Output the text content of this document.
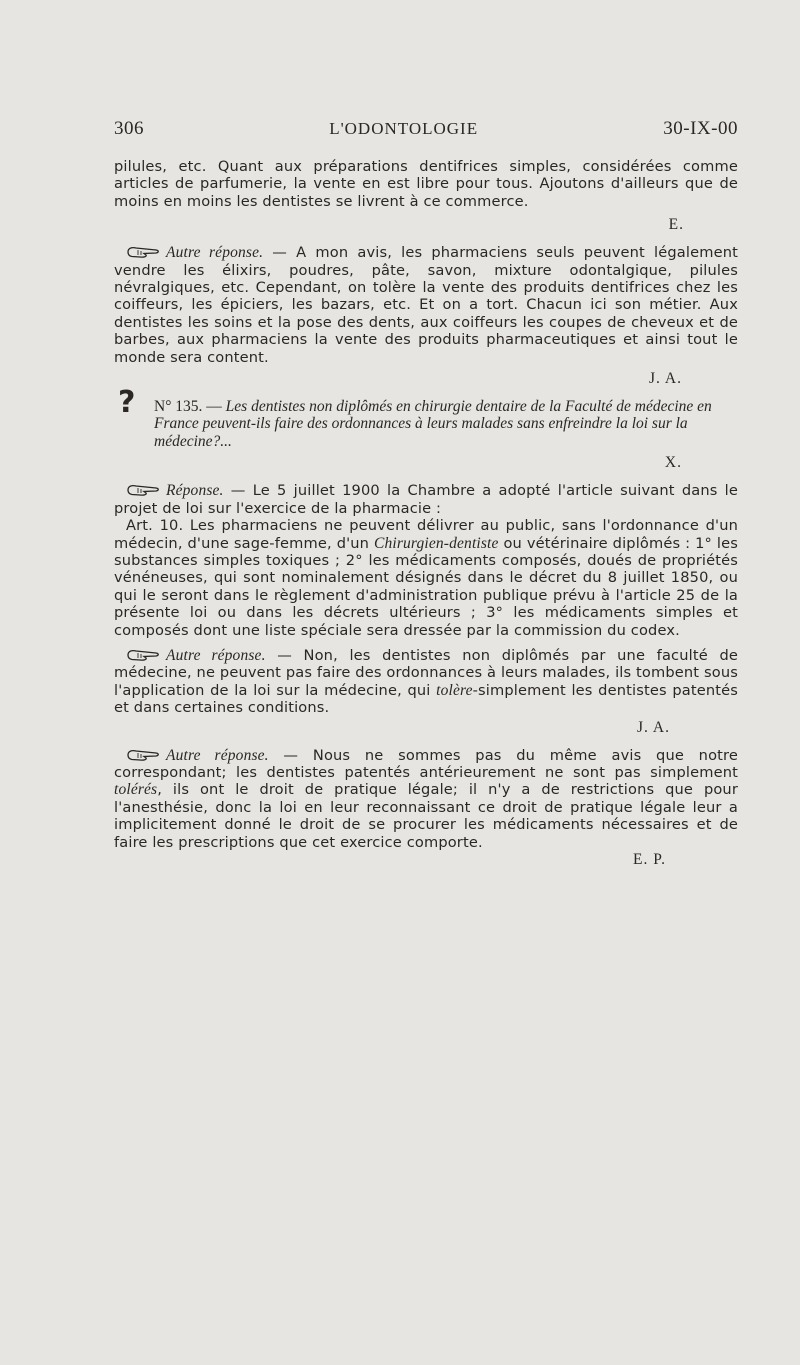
306	L'ODONTOLOGIE	30-IX-00

pilules, etc. Quant aux préparations dentifrices simples, considérées comme articles de parfumerie, la vente en est libre pour tous. Ajoutons d'ailleurs que de moins en moins les dentistes se livrent à ce commerce.

E.

Autre réponse. — A mon avis, les pharmaciens seuls peuvent légalement vendre les élixirs, poudres, pâte, savon, mixture odontalgique, pilules névralgiques, etc. Cependant, on tolère la vente des produits dentifrices chez les coiffeurs, les épiciers, les bazars, etc. Et on a tort. Chacun ici son métier. Aux dentistes les soins et la pose des dents, aux coiffeurs les coupes de cheveux et de barbes, aux pharmaciens la vente des produits pharmaceutiques et ainsi tout le monde sera content.

J. A.
? N° 135. — Les dentistes non diplômés en chirurgie dentaire de la Faculté de médecine en France peuvent-ils faire des ordonnances à leurs malades sans enfreindre la loi sur la médecine?...
X.

Réponse. — Le 5 juillet 1900 la Chambre a adopté l'article suivant dans le projet de loi sur l'exercice de la pharmacie :

Art. 10. Les pharmaciens ne peuvent délivrer au public, sans l'ordonnance d'un médecin, d'une sage-femme, d'un Chirurgien-dentiste ou vétérinaire diplômés : 1° les substances simples toxiques ; 2° les médicaments composés, doués de propriétés vénéneuses, qui sont nominalement désignés dans le décret du 8 juillet 1850, ou qui le seront dans le règlement d'administration publique prévu à l'article 25 de la présente loi ou dans les décrets ultérieurs ; 3° les médicaments simples et composés dont une liste spéciale sera dressée par la commission du codex.

Autre réponse. — Non, les dentistes non diplômés par une faculté de médecine, ne peuvent pas faire des ordonnances à leurs malades, ils tombent sous l'application de la loi sur la médecine, qui tolère-simplement les dentistes patentés et dans certaines conditions.

J. A.

Autre réponse. — Nous ne sommes pas du même avis que notre correspondant; les dentistes patentés antérieurement ne sont pas simplement tolérés, ils ont le droit de pratique légale; il n'y a de restrictions que pour l'anesthésie, donc la loi en leur reconnaissant ce droit de pratique légale leur a implicitement donné le droit de se procurer les médicaments nécessaires et de faire les prescriptions que cet exercice comporte.

E. P.
